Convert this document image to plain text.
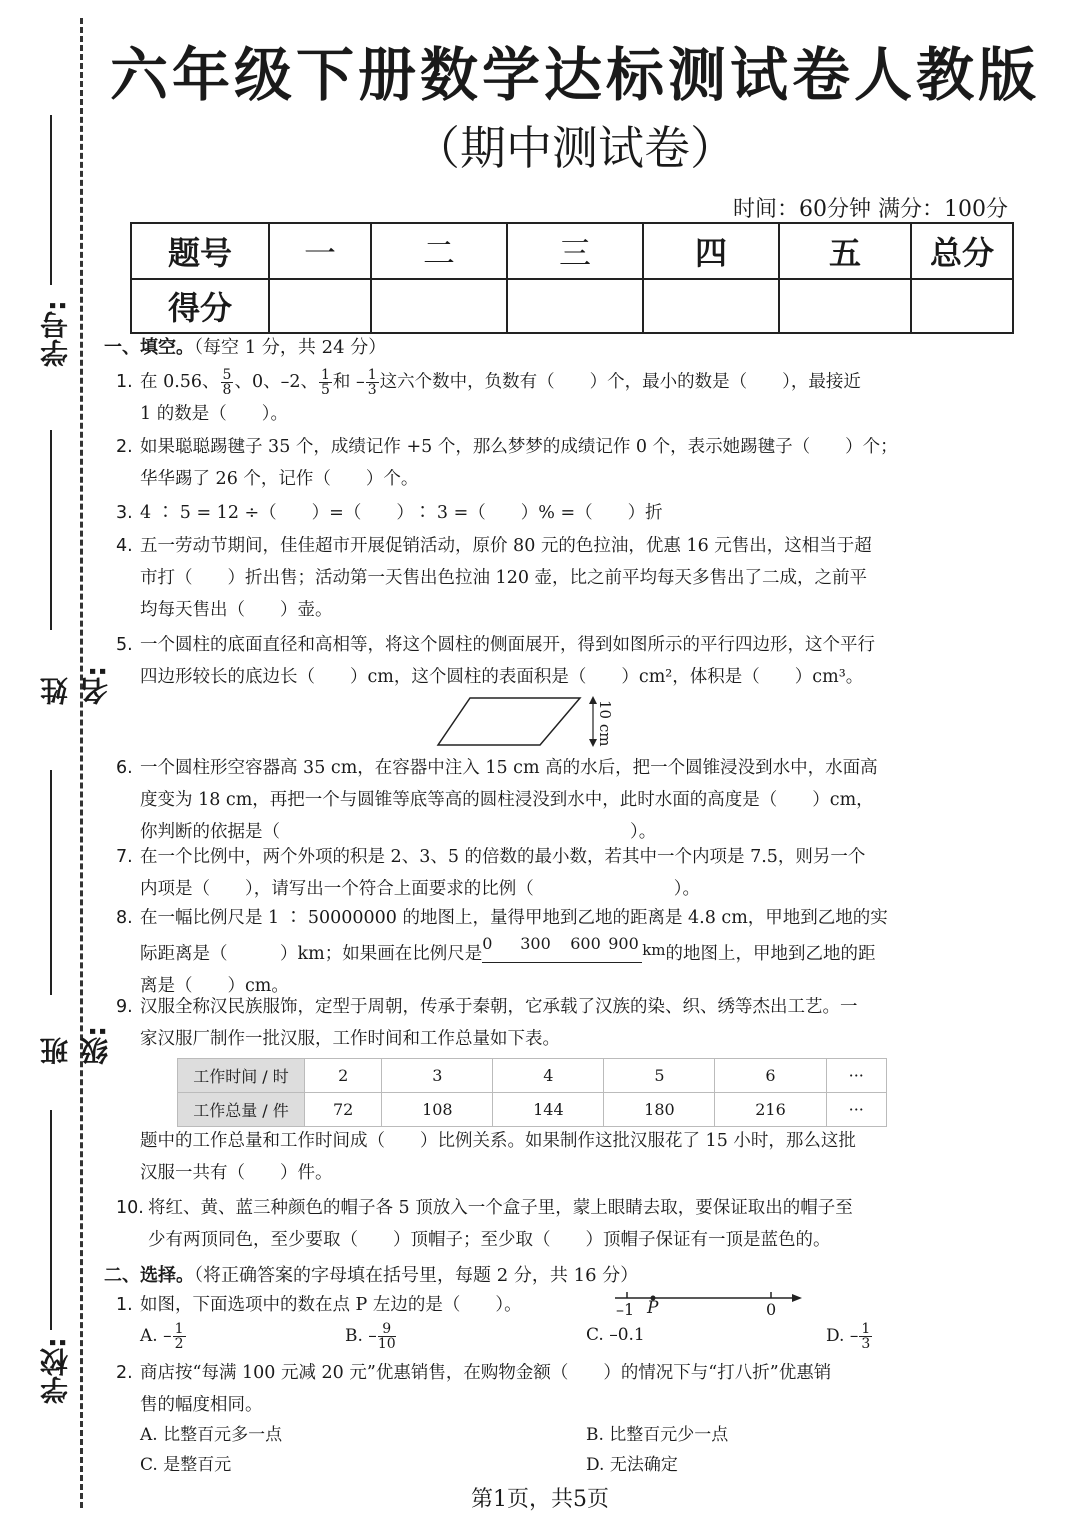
学号:
姓名:
班级:
学校:
六年级下册数学达标测试卷人教版
（期中测试卷）
时间：60分钟 满分：100分
题号	一	二	三	四	五	总分
得分						
一、填空。（每空 1 分，共 24 分）
1. 在 0.56、 $\frac{5}{8}$ 、0、–2、 $\frac{1}{5}$ 和 – $\frac{1}{3}$ 这六个数中，负数有（　　）个，最小的数是（　　），最接近
1 的数是（　　）。
2. 如果聪聪踢毽子 35 个，成绩记作 +5 个，那么梦梦的成绩记作 0 个，表示她踢毽子（　　）个；
华华踢了 26 个，记作（　　）个。
3. 4 ∶ 5 = 12 ÷（　　）=（　　）∶ 3 =（　　）% =（　　）折
4. 五一劳动节期间，佳佳超市开展促销活动，原价 80 元的色拉油，优惠 16 元售出，这相当于超
市打（　　）折出售；活动第一天售出色拉油 120 壶，比之前平均每天多售出了二成，之前平
均每天售出（　　）壶。
5. 一个圆柱的底面直径和高相等，将这个圆柱的侧面展开，得到如图所示的平行四边形，这个平行
四边形较长的底边长（　　）cm，这个圆柱的表面积是（　　）cm²，体积是（　　）cm³。
10 cm
6. 一个圆柱形空容器高 35 cm，在容器中注入 15 cm 高的水后，把一个圆锥浸没到水中，水面高
度变为 18 cm，再把一个与圆锥等底等高的圆柱浸没到水中，此时水面的高度是（　　）cm，
你判断的依据是（　　　　　　　　　　　　　　　　　　　　）。
7. 在一个比例中，两个外项的积是 2、3、5 的倍数的最小数，若其中一个内项是 7.5，则另一个
内项是（　　），请写出一个符合上面要求的比例（　　　　　　　　）。
8. 在一幅比例尺是 1 ∶ 50000000 的地图上，量得甲地到乙地的距离是 4.8 cm，甲地到乙地的实
际距离是（　　　）km；如果画在比例尺是
0 300 600 900 km的地图上，甲地到乙地的距
离是（　　）cm。
9. 汉服全称汉民族服饰，定型于周朝，传承于秦朝，它承载了汉族的染、织、绣等杰出工艺。一
家汉服厂制作一批汉服，工作时间和工作总量如下表。
工作时间 / 时	2	3	4	5	6	···
工作总量 / 件	72	108	144	180	216	···
题中的工作总量和工作时间成（　　）比例关系。如果制作这批汉服花了 15 小时，那么这批
汉服一共有（　　）件。
10. 将红、黄、蓝三种颜色的帽子各 5 顶放入一个盒子里，蒙上眼睛去取，要保证取出的帽子至
少有两顶同色，至少要取（　　）顶帽子；至少取（　　）顶帽子保证有一顶是蓝色的。
二、选择。（将正确答案的字母填在括号里，每题 2 分，共 16 分）
1. 如图，下面选项中的数在点 P 左边的是（　　）。	–1 P	0
A. – $\frac{1}{2}$	B. – $\frac{9}{10}$	C. –0.1	D. – $\frac{1}{3}$
2. 商店按“每满 100 元减 20 元”优惠销售，在购物金额（　　）的情况下与“打八折”优惠销
售的幅度相同。
A. 比整百元多一点	B. 比整百元少一点
C. 是整百元	D. 无法确定
第1页，共5页
